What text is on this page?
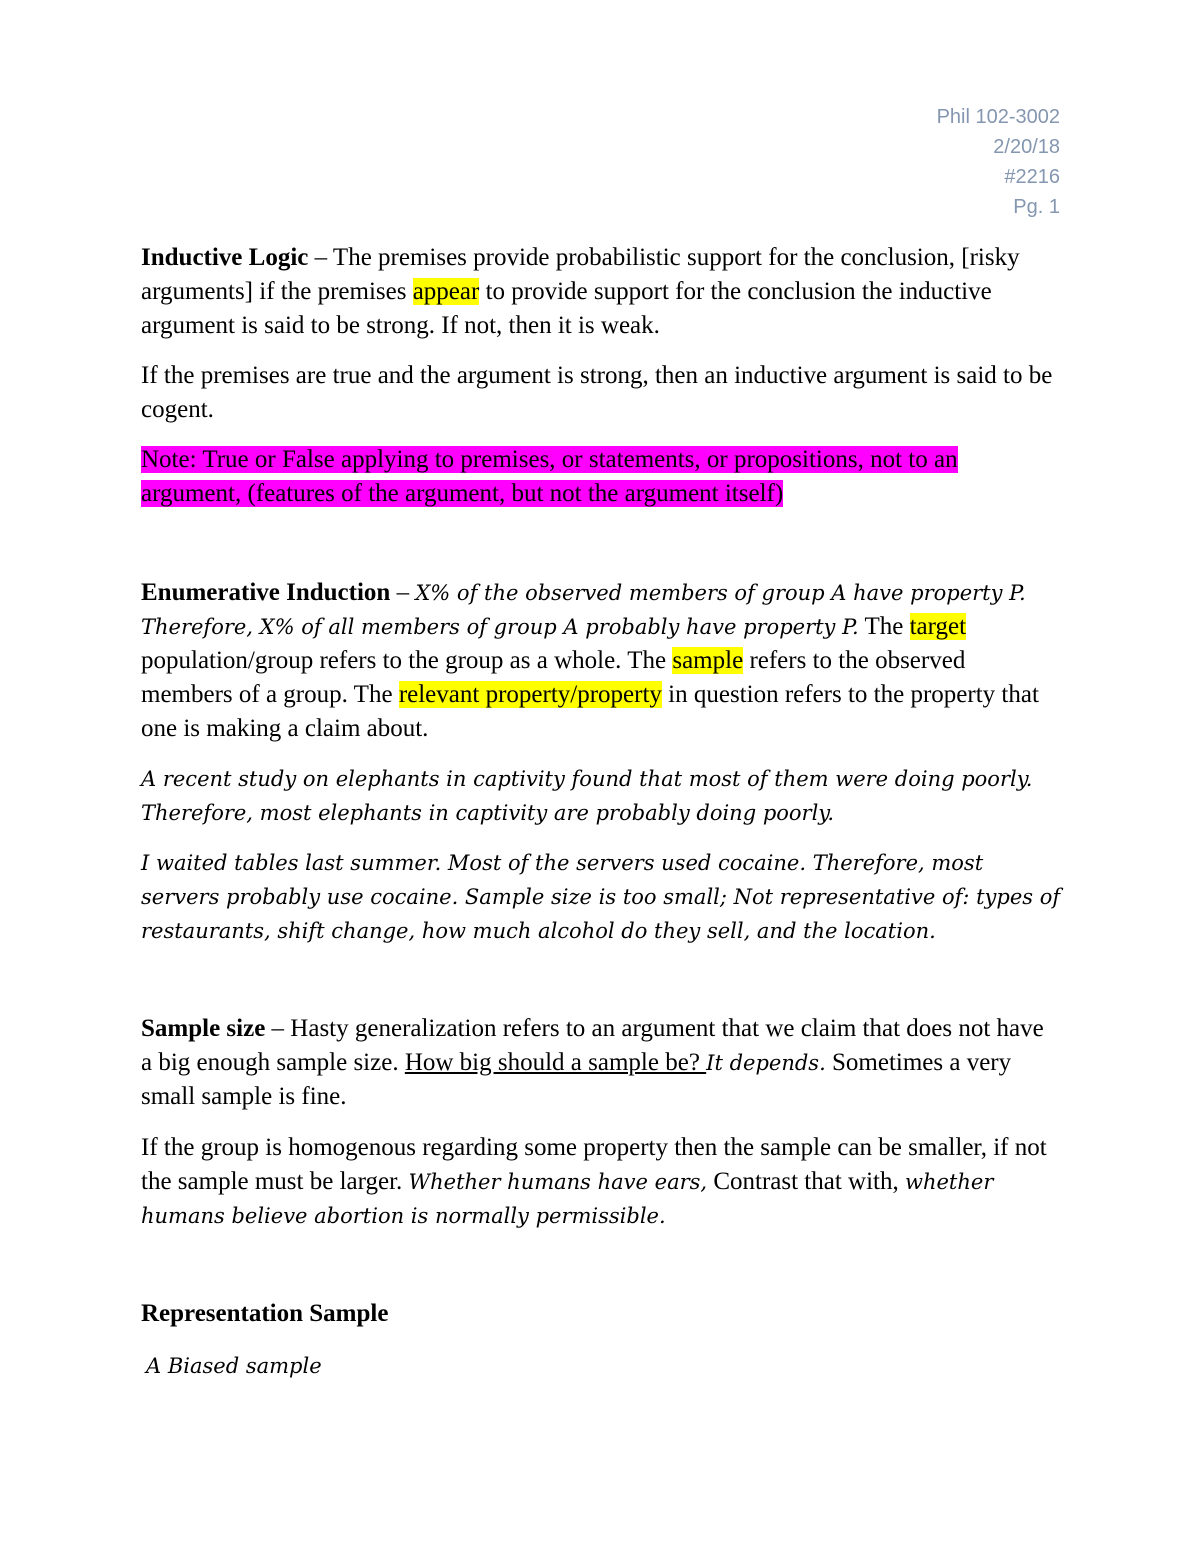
Phil 102-3002
2/20/18
#2216
Pg. 1

Inductive Logic – The premises provide probabilistic support for the conclusion, [risky arguments] if the premises appear to provide support for the conclusion the inductive argument is said to be strong. If not, then it is weak.

If the premises are true and the argument is strong, then an inductive argument is said to be cogent.

Note: True or False applying to premises, or statements, or propositions, not to an argument, (features of the argument, but not the argument itself)

Enumerative Induction – X% of the observed members of group A have property P. Therefore, X% of all members of group A probably have property P. The target population/group refers to the group as a whole. The sample refers to the observed members of a group. The relevant property/property in question refers to the property that one is making a claim about.

A recent study on elephants in captivity found that most of them were doing poorly. Therefore, most elephants in captivity are probably doing poorly.

I waited tables last summer. Most of the servers used cocaine. Therefore, most servers probably use cocaine. Sample size is too small; Not representative of: types of restaurants, shift change, how much alcohol do they sell, and the location.

Sample size – Hasty generalization refers to an argument that we claim that does not have a big enough sample size. How big should a sample be? It depends. Sometimes a very small sample is fine.

If the group is homogenous regarding some property then the sample can be smaller, if not the sample must be larger. Whether humans have ears, Contrast that with, whether humans believe abortion is normally permissible.

Representation Sample

A Biased sample
